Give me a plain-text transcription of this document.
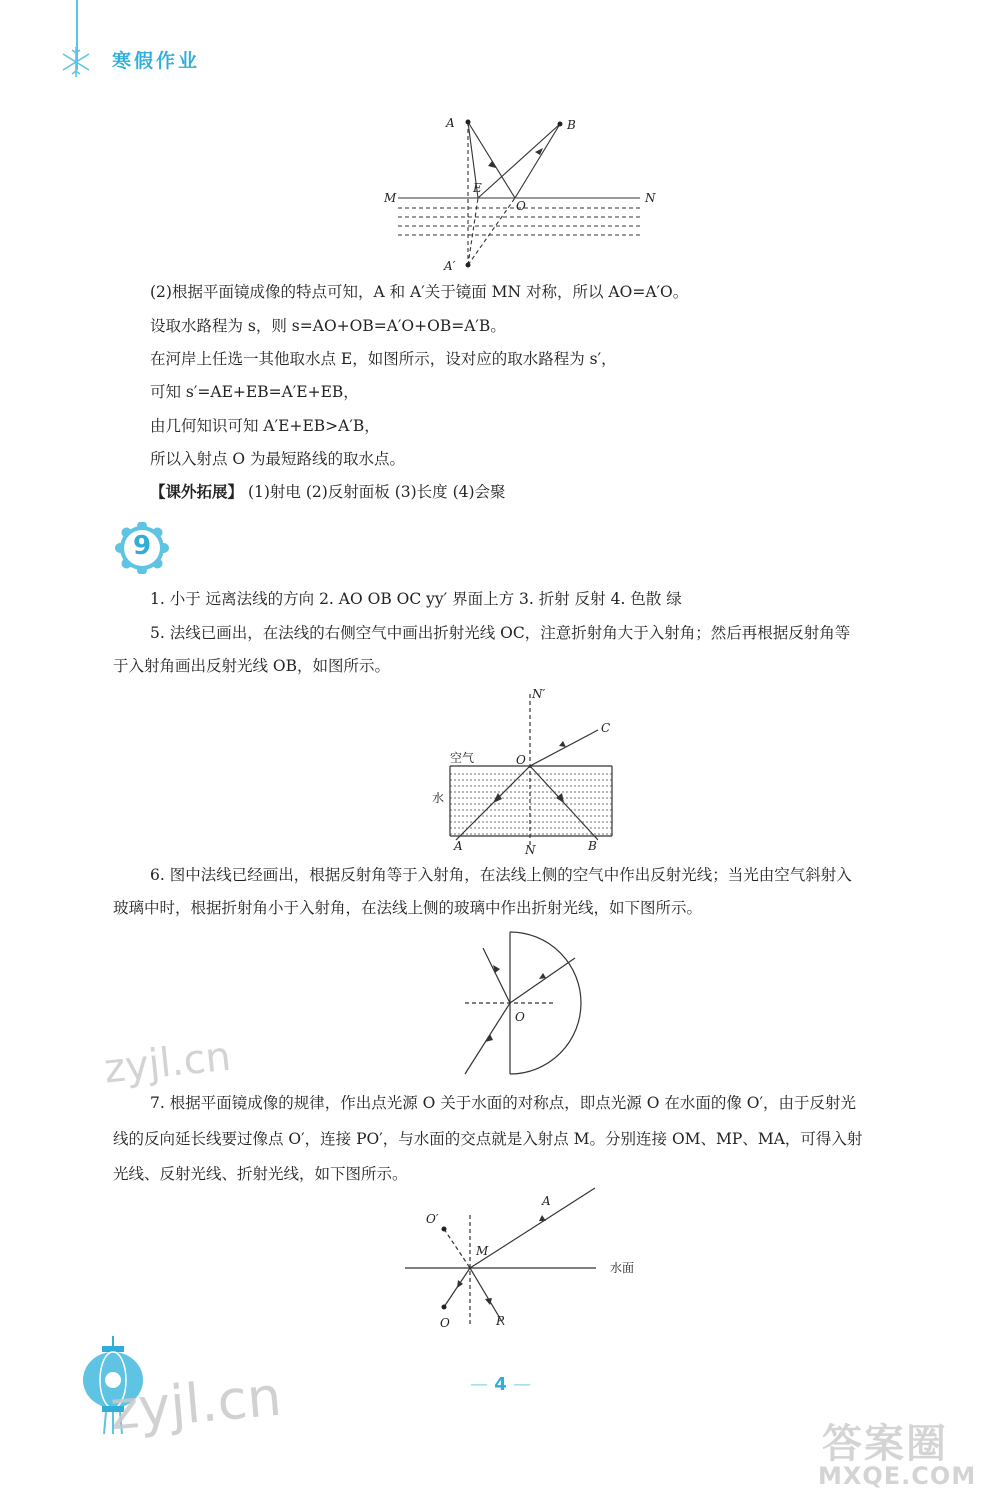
寒假作业
A	B
M	N
E
O
A′
(2)根据平面镜成像的特点可知，A 和 A′关于镜面 MN 对称，所以 AO=A′O。
设取水路程为 s，则 s=AO+OB=A′O+OB=A′B。
在河岸上任选一其他取水点 E，如图所示，设对应的取水路程为 s′，
可知 s′=AE+EB=A′E+EB，
由几何知识可知 A′E+EB>A′B，
所以入射点 O 为最短路线的取水点。
【课外拓展】 (1)射电 (2)反射面板 (3)长度 (4)会聚
9
1. 小于 远离法线的方向 2. AO OB OC yy′ 界面上方 3. 折射 反射 4. 色散 绿
5. 法线已画出，在法线的右侧空气中画出折射光线 OC，注意折射角大于入射角；然后再根据反射角等
于入射角画出反射光线 OB，如图所示。
N′
C
空气	O
水
A	N	B
6. 图中法线已经画出，根据反射角等于入射角，在法线上侧的空气中作出反射光线；当光由空气斜射入
玻璃中时，根据折射角小于入射角，在法线上侧的玻璃中作出折射光线，如下图所示。
O
zyjl.cn
7. 根据平面镜成像的规律，作出点光源 O 关于水面的对称点，即点光源 O 在水面的像 O′，由于反射光
线的反向延长线要过像点 O′，连接 PO′，与水面的交点就是入射点 M。分别连接 OM、MP、MA，可得入射
光线、反射光线、折射光线，如下图所示。
O′
A
M
水面
O	P
zyjl.cn	— 4 —
答案圈
MXQE.COM
